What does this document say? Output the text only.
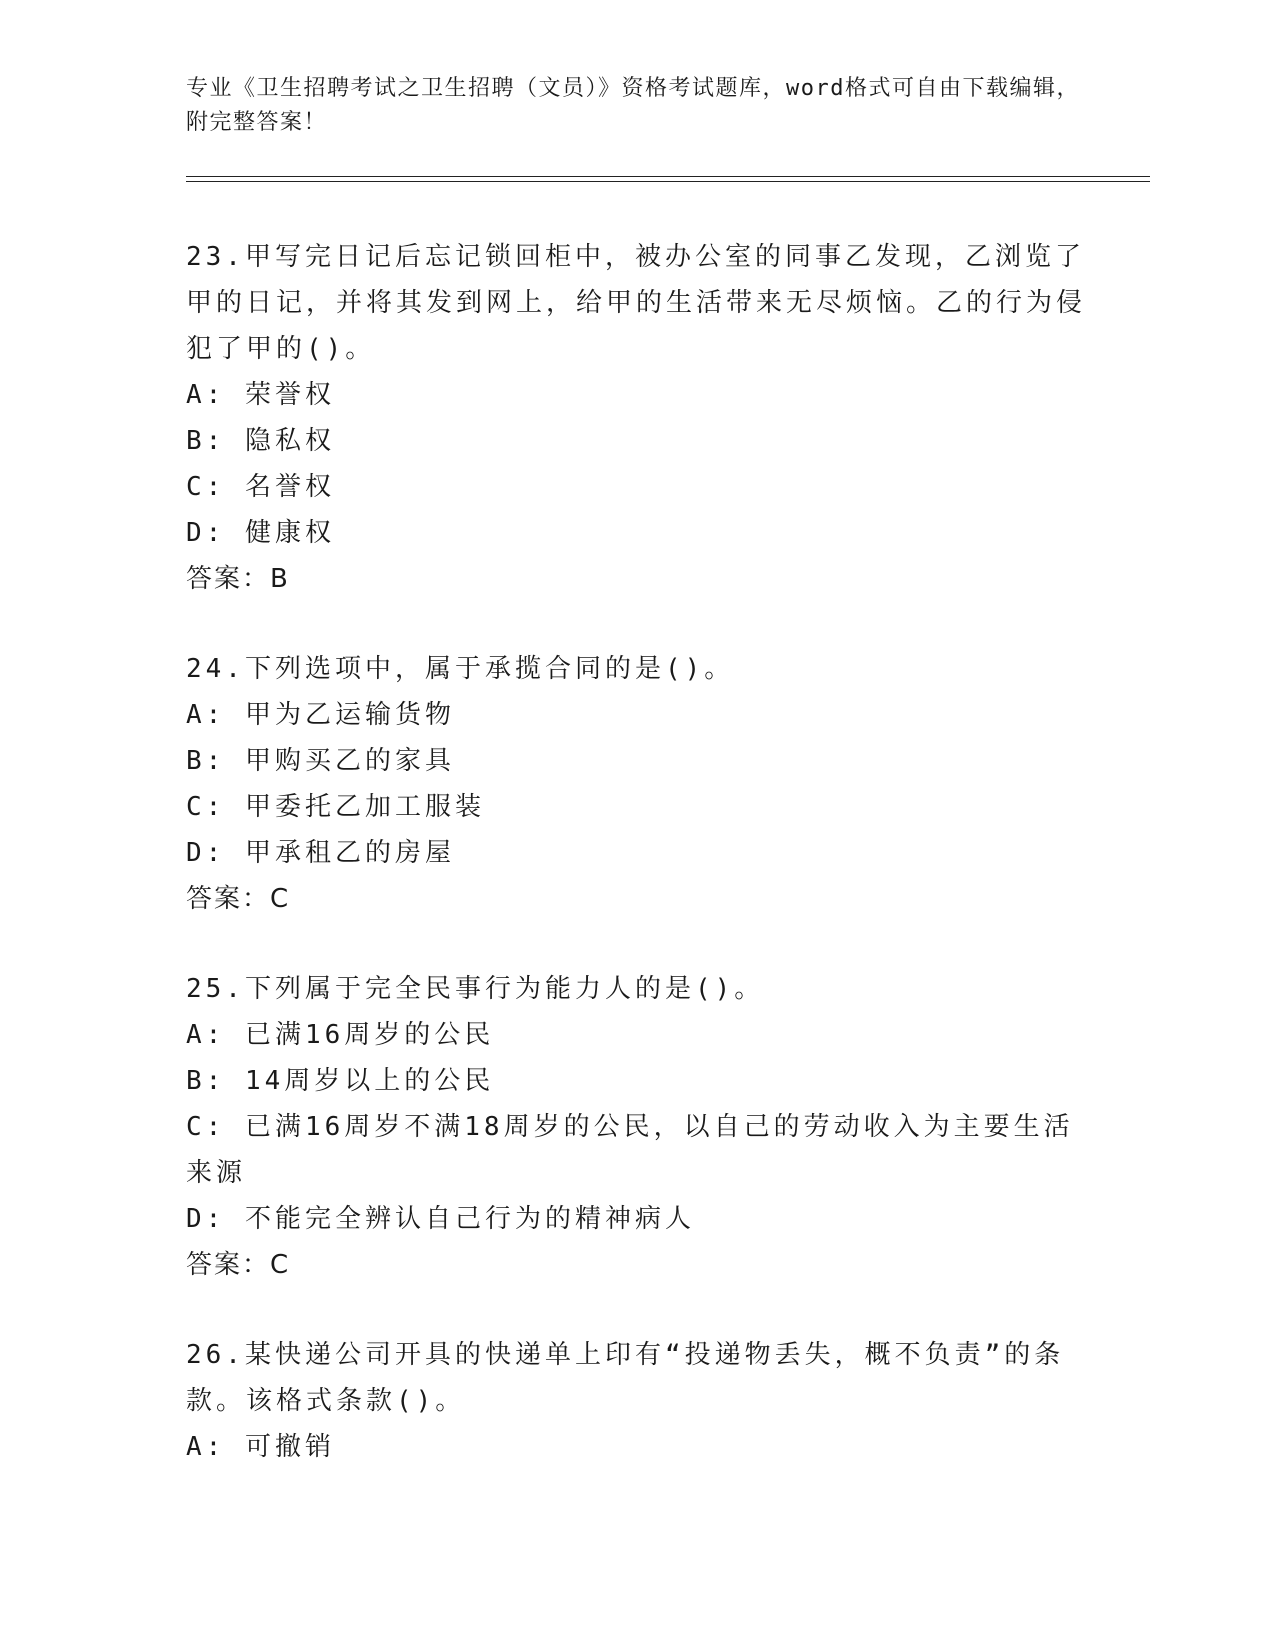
专业《卫生招聘考试之卫生招聘（文员）》资格考试题库，word格式可自由下载编辑，附完整答案！

23.甲写完日记后忘记锁回柜中，被办公室的同事乙发现，乙浏览了甲的日记，并将其发到网上，给甲的生活带来无尽烦恼。乙的行为侵犯了甲的()。

A: 荣誉权

B: 隐私权

C: 名誉权

D: 健康权

答案：B

24.下列选项中，属于承揽合同的是()。

A: 甲为乙运输货物

B: 甲购买乙的家具

C: 甲委托乙加工服装

D: 甲承租乙的房屋

答案：C

25.下列属于完全民事行为能力人的是()。

A: 已满16周岁的公民

B: 14周岁以上的公民

C: 已满16周岁不满18周岁的公民，以自己的劳动收入为主要生活来源

D: 不能完全辨认自己行为的精神病人

答案：C

26.某快递公司开具的快递单上印有“投递物丢失，概不负责”的条款。该格式条款()。

A: 可撤销
